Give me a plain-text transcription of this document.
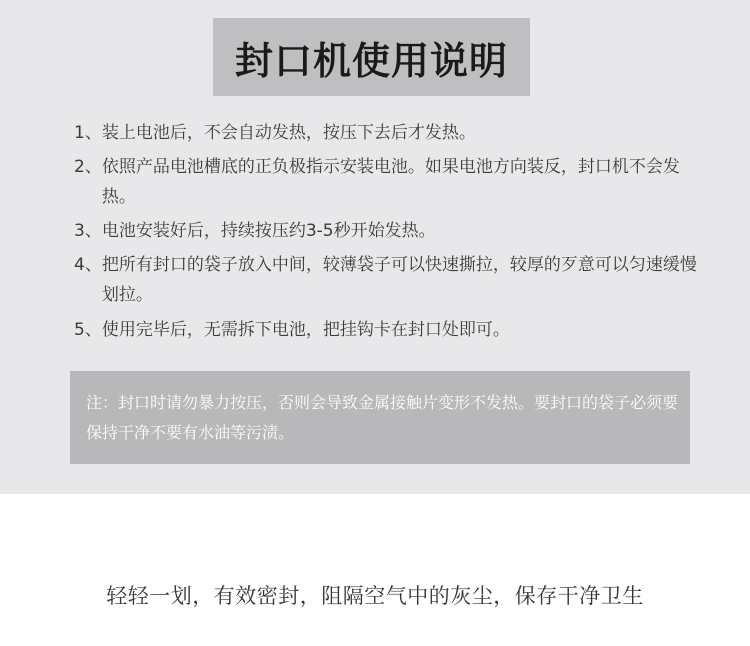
封口机使用说明
1、 装上电池后，不会自动发热，按压下去后才发热。
2、 依照产品电池槽底的正负极指示安装电池。如果电池方向装反，封口机不会发热。
3、 电池安装好后，持续按压约3-5秒开始发热。
4、 把所有封口的袋子放入中间，较薄袋子可以快速撕拉，较厚的歹意可以匀速缓慢划拉。
5、 使用完毕后，无需拆下电池，把挂钩卡在封口处即可。
注：封口时请勿暴力按压，否则会导致金属接触片变形不发热。要封口的袋子必须要保持干净不要有水油等污渍。
轻轻一划，有效密封，阻隔空气中的灰尘，保存干净卫生
